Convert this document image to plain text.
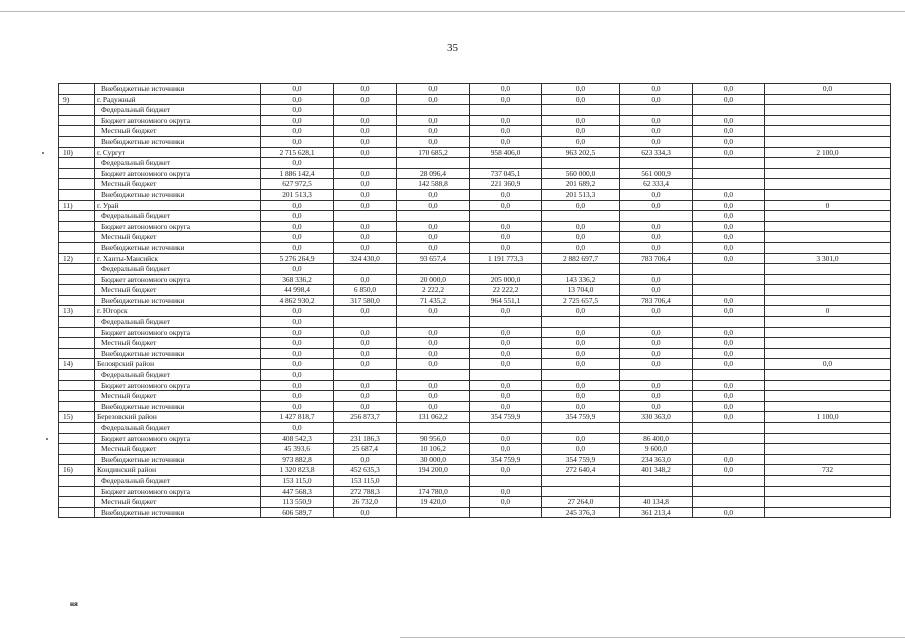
35
	Внебюджетные источники	0,0	0,0	0,0	0,0	0,0	0,0	0,0	0,0
9)	г. Радужный	0,0	0,0	0,0	0,0	0,0	0,0	0,0	
	Федеральный бюджет	0,0							
	Бюджет автономного округа	0,0	0,0	0,0	0,0	0,0	0,0	0,0	
	Местный бюджет	0,0	0,0	0,0	0,0	0,0	0,0	0,0	
	Внебюджетные источники	0,0	0,0	0,0	0,0	0,0	0,0	0,0	
10)	г. Сургут	2 715 628,1	0,0	170 685,2	958 406,0	963 202,5	623 334,3	0,0	2 100,0
	Федеральный бюджет	0,0							
	Бюджет автономного округа	1 886 142,4	0,0	28 096,4	737 045,1	560 000,0	561 000,9		
	Местный бюджет	627 972,5	0,0	142 588,8	221 360,9	201 689,2	62 333,4		
	Внебюджетные источники	201 513,3	0,0	0,0	0,0	201 513,3	0,0	0,0	
11)	г. Урай	0,0	0,0	0,0	0,0	0,0	0,0	0,0	0
	Федеральный бюджет	0,0						0,0	
	Бюджет автономного округа	0,0	0,0	0,0	0,0	0,0	0,0	0,0	
	Местный бюджет	0,0	0,0	0,0	0,0	0,0	0,0	0,0	
	Внебюджетные источники	0,0	0,0	0,0	0,0	0,0	0,0	0,0	
12)	г. Ханты-Мансийск	5 276 264,9	324 430,0	93 657,4	1 191 773,3	2 882 697,7	783 706,4	0,0	3 301,0
	Федеральный бюджет	0,0							
	Бюджет автономного округа	368 336,2	0,0	20 000,0	205 000,0	143 336,2	0,0		
	Местный бюджет	44 998,4	6 850,0	2 222,2	22 222,2	13 704,0	0,0		
	Внебюджетные источники	4 862 930,2	317 580,0	71 435,2	964 551,1	2 725 657,5	783 706,4	0,0	
13)	г. Югорск	0,0	0,0	0,0	0,0	0,0	0,0	0,0	0
	Федеральный бюджет	0,0							
	Бюджет автономного округа	0,0	0,0	0,0	0,0	0,0	0,0	0,0	
	Местный бюджет	0,0	0,0	0,0	0,0	0,0	0,0	0,0	
	Внебюджетные источники	0,0	0,0	0,0	0,0	0,0	0,0	0,0	
14)	Белоярский район	0,0	0,0	0,0	0,0	0,0	0,0	0,0	0,0
	Федеральный бюджет	0,0							
	Бюджет автономного округа	0,0	0,0	0,0	0,0	0,0	0,0	0,0	
	Местный бюджет	0,0	0,0	0,0	0,0	0,0	0,0	0,0	
	Внебюджетные источники	0,0	0,0	0,0	0,0	0,0	0,0	0,0	
15)	Березовский район	1 427 818,7	256 873,7	131 062,2	354 759,9	354 759,9	330 363,0	0,0	1 100,0
	Федеральный бюджет	0,0							
	Бюджет автономного округа	408 542,3	231 186,3	90 956,0	0,0	0,0	86 400,0		
	Местный бюджет	45 393,6	25 687,4	10 106,2	0,0	0,0	9 600,0		
	Внебюджетные источники	973 882,8	0,0	30 000,0	354 759,9	354 759,9	234 363,0	0,0	
16)	Кондинский район	1 320 823,8	452 635,3	194 200,0	0,0	272 640,4	401 348,2	0,0	732
	Федеральный бюджет	153 115,0	153 115,0						
	Бюджет автономного округа	447 568,3	272 788,3	174 780,0	0,0				
	Местный бюджет	113 550,9	26 732,0	19 420,0	0,0	27 264,0	40 134,8		
	Внебюджетные источники	606 589,7	0,0			245 376,3	361 213,4	0,0	
ня
